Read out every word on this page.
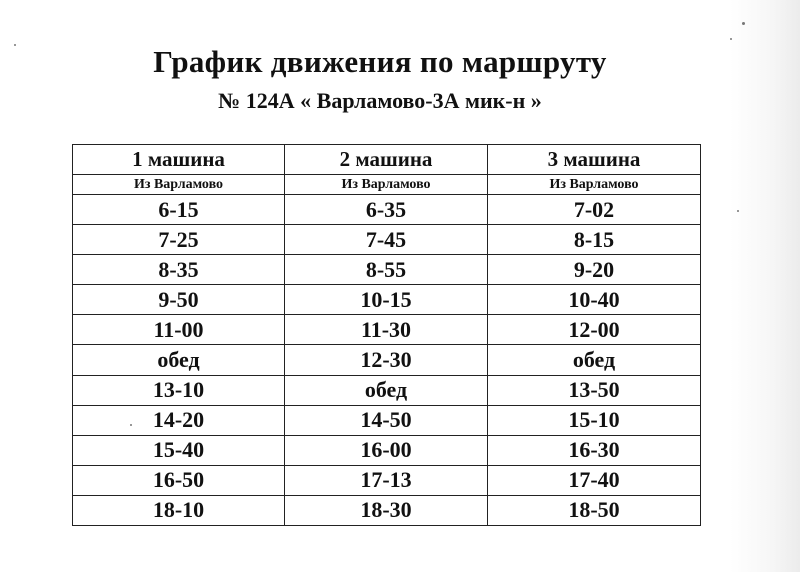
График движения по маршруту
№ 124А « Варламово-3А мик-н »
1 машина	2 машина	3 машина
Из Варламово	Из Варламово	Из Варламово
6-15	6-35	7-02
7-25	7-45	8-15
8-35	8-55	9-20
9-50	10-15	10-40
11-00	11-30	12-00
обед	12-30	обед
13-10	обед	13-50
14-20	14-50	15-10
15-40	16-00	16-30
16-50	17-13	17-40
18-10	18-30	18-50
